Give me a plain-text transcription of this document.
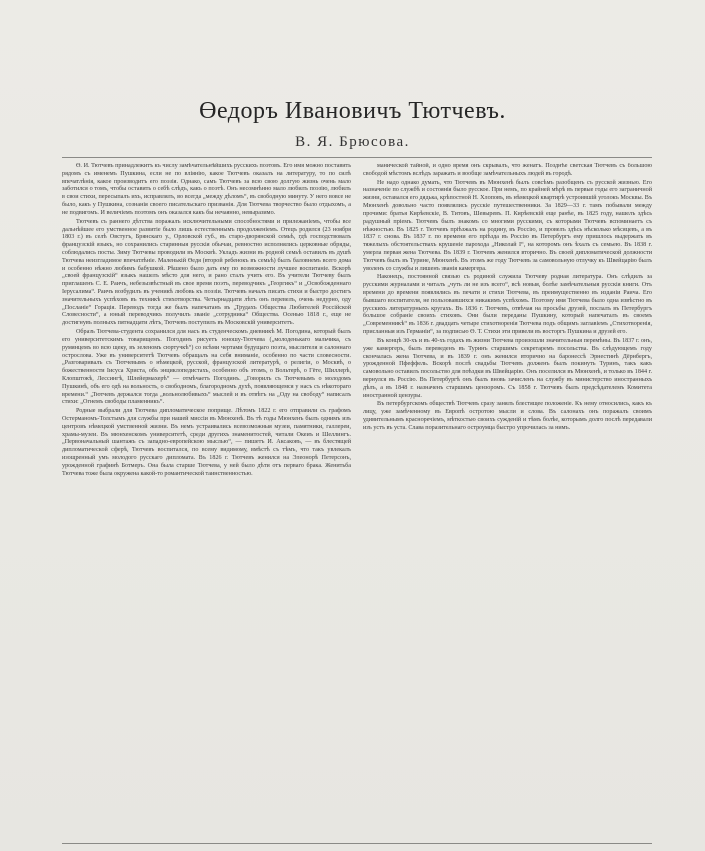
Өедоръ Ивановичъ Тютчевъ.
В. Я. Брюсова.

Ө. И. Тютчевъ принадлежитъ къ числу замѣчательнѣйшихъ русскихъ поэтовъ. Его имя можно поставить рядомъ съ именемъ Пушкина, если не по вліянію, какое Тютчевъ оказалъ на литературу, то по силѣ впечатлѣнія, какое производитъ его поэзія. Однако, самъ Тютчевъ за всю свою долгую жизнь очень мало заботился о томъ, чтобы оставить о себѣ слѣдъ, какъ о поэтѣ. Онъ несомнѣнно мало любилъ поэзію, любилъ в свои стихи, пересыпалъ ихъ, исправлялъ, во всегда „между дѣломъ“, въ свободную минуту. У него вовсе не было, какъ у Пушкина, сознанія своего писательскаго призванія. Для Тютчева творчество было отдыхомъ, а не подвигомъ. И величіемъ поэтомъ онъ оказался какъ бы нечаянно, невыразимо.

Тютчевъ съ раннего дѣтства поражалъ исключительными способностями и прилежаніемъ, чтобы все дальнѣйшее его умственное развитіе было лишь естественнымъ продолженіемъ. Отецъ родился (23 ноября 1803 г.) въ селѣ Овстугъ, Брянскаго у., Орловской губ., въ старо-дворянской семьѣ, гдѣ господствовалъ французскій языкъ, но сохранились старинныя русскія обычаи, ревностно исполнялись церковные обряды, соблюдались посты. Зиму Тютчевы проводили въ Москвѣ. Укладъ жизни въ родной семьѣ оставилъ въ душѣ Тютчева неизгладимое впечатлѣніе. Маленькій Өедя (второй ребенокъ въ семьѣ) былъ баловнемъ всего дома и особенно нѣжно любимъ бабушкой. Рѣшено было дать ему по возможности лучшее воспитаніе. Вскорѣ „своей французскій“ языкъ нашелъ мѣсто для него, и рано сталъ учить его. Въ учители Тютчеву былъ приглашенъ С. Е. Раичъ, небезызвѣстный въ свое время поэтъ, переводчикъ „Георгикъ“ и „Освобожденнаго Іерусалима“. Раичъ возбудилъ въ ученикѣ любовь къ поэзіи. Тютчевъ началъ писать стихи и быстро достигъ значительныхъ успѣховъ въ техникѣ стихотворства. Четырнадцати лѣтъ онъ перевелъ, очень недурно, оду „Посланіе“ Горація. Переводъ тогда же былъ напечатанъ въ „Трудахъ Общества Любителей Россійской Словесности“, а юный переводчикъ получилъ званіе „сотрудника“ Общества. Осенью 1818 г., еще не достигнувъ полныхъ пятнадцати лѣтъ, Тютчевъ поступилъ въ Московскій университетъ.

Образъ Тютчева-студента сохранился для насъ въ студенческомъ дневникѣ М. Погодина, который былъ его университетскимъ товарищемъ. Погодинъ рисуетъ юношу-Тютчева („молоденькаго мальчика, съ румянцемъ во всю щеку, въ зеленомъ сюртучкѣ“) со всѣми чертами будущаго поэта, мыслителя и салоннаго острослова. Уже въ университетѣ Тютчевъ обращалъ на себя вниманіе, особенно по части словесности. „Разговаривалъ съ Тютчевымъ о нѣмецкой, русской, французской литературѣ, о религіи, о Москвѣ, о божественности Іисуса Христа, объ энциклопедистахъ, особенно объ этомъ, о Вольтерѣ, о Гёте, Шиллерѣ, Клопштокѣ, Лессингѣ, Шлейермахерѣ“ — отмѣчаетъ Погодинъ. „Говорилъ съ Тютчевымъ о молодомъ Пушкинѣ, объ его одѣ на вольность, о свободномъ, благородномъ духѣ, появляющемся у насъ съ нѣкотораго времени.“ „Тютчевъ держался тогда „вольнолюбивыхъ“ мыслей и въ отвѣтъ на „Оду на свободу“ написалъ стихи: „Огнемъ свободы пламенникъ“.

Родные выбрали для Тютчева дипломатическое поприще. Лѣтомъ 1822 г. его отправили съ графомъ Остерманомъ-Толстымъ для службы при нашей миссіи въ Мюнхенѣ. Въ тѣ годы Мюнхенъ былъ однимъ изъ центровъ нѣмецкой умственной жизни. Въ немъ устраивались всевозможныя музеи, памятники, галлереи, храмы-музеи. Въ мюнхенскомъ университетѣ, среди другихъ знаменитостей, читали Океиъ и Шеллингъ. „Первоначальный шантажъ съ западно-европейскою мыслью“, — пишетъ И. Аксаковъ, — въ блестящей дипломатической сферѣ, Тютчевъ воспитался, по всему видимому, вмѣстѣ съ тѣмъ, что такъ увлекалъ изощренный умъ молодого русскаго дипломата. Въ 1826 г. Тютчевъ женился на Элеонорѣ Петерсонъ, урожденной графинѣ Ботмеръ. Она была старше Тютчева, у ней было дѣти отъ перваго брака. Женитьба Тютчева тоже была окружена какой-то романтической таинственностью.

манической тайной, и одно время онъ скрывалъ, что женатъ. Позднѣе светская Тютчевъ съ большою свободой мѣстомъ вслѣдъ заражать и вообще замѣчательныхъ людей въ городѣ.

Не надо однако думать, что Тютчевъ въ Мюнхенѣ былъ совсѣмъ разобщенъ съ русской жизнью. Его назначеніе по службѣ и состоянія было русское. При немъ, по крайней мѣрѣ въ первые годы его заграничной жизни, оставался его дядька, крѣпостной Н. Хлоповъ, въ нѣмецкой квартирѣ устроившій уголокъ Москвы. Въ Мюнхенѣ довольно часто появлялись русскіе путешественники. За 1829—33 г. тамъ побывали между прочими: братья Кирѣевскіе, В. Титовъ, Шевыревъ. П. Кирѣевскій еще ранѣе, въ 1825 году, нашелъ здѣсь радушный пріемъ. Тютчевъ былъ знакомъ со многими русскими, съ которыми Тютчевъ вспоминаетъ съ нѣжностью. Въ 1825 г. Тютчевъ пріѣзжалъ на родину, въ Россію, и провелъ здѣсь нѣсколько мѣсяцевъ, а въ 1837 г. снова. Въ 1837 г. по времени его пріѣзда въ Россію въ Петербургъ ему пришлось выдержать въ тяжелыхъ обстоятельствахъ крушеніе парохода „Николай I“, на которомъ онъ ѣхалъ съ семьею. Въ 1838 г. умерла первая жена Тютчева. Въ 1839 г. Тютчевъ женился вторично. Въ своей дипломатической должности Тютчевъ былъ въ Турине, Мюнхенѣ. Въ этомъ же году Тютчевъ за самовольную отлучку къ Швейцарію былъ уволенъ со службы и лишенъ званія камергера.

Наконецъ, постоянной связью съ родиной служила Тютчеву родная литература. Онъ слѣдилъ за русскими журналами и читалъ „чуть ли не изъ всего“, всѣ новыя, болѣе замѣчательныя русскія книги. Отъ времени до времени появлялись въ печати и стихи Тютчева, въ преимущественно въ изданіи Раича. Его бывшаго воспитателя, не пользовавшихся никакимъ успѣхомъ. Поэтому имя Тютчева было одна извѣстно въ русскихъ литературныхъ кругахъ. Въ 1836 г. Тютчевъ, отвѣчая на просьбы друзей, послалъ въ Петербургъ большое собраніе своихъ стиховъ. Они были переданы Пушкину, который напечаталъ въ своемъ „Современникѣ“ въ 1836 г. двадцать четыре стихотворенія Тютчева подъ общимъ заглавіемъ „Стихотворенія, присланныя изъ Германіи“, за подписью Ө. Т. Стихи эти привели въ восторгъ Пушкина и друзей его.

Въ концѣ 30-хъ и въ 40-хъ годахъ въ жизни Тютчева произошли значительныя перемѣны. Въ 1837 г. онъ, уже камергеръ, былъ переведенъ въ Туринъ старшимъ секретаремъ посольства. Въ слѣдующемъ году скончалась жена Тютчева, и въ 1839 г. онъ женился вторично на баронессѣ Эрнестинѣ Дёрнбергъ, урожденной Пфеффель. Вскорѣ послѣ свадьбы Тютчевъ долженъ былъ покинуть Туринъ, такъ какъ самовольно оставилъ посольство для поѣздки въ Швейцарію. Онъ поселился въ Мюнхенѣ, и только въ 1844 г. вернулся въ Россію. Въ Петербургѣ онъ былъ вновь зачисленъ на службу въ министерство иностранныхъ дѣлъ, а въ 1848 г. назначенъ старшимъ цензоромъ. Съ 1858 г. Тютчевъ былъ предсѣдателемъ Комитета иностранной цензуры.

Въ петербургскомъ обществѣ Тютчевъ сразу занялъ блестящее положеніе. Къ нему относились, какъ къ лицу, уже замѣченному въ Европѣ остротою мысли и слова. Въ салонахъ онъ поражалъ своимъ удивительнымъ красноречіемъ, мѣткостью своихъ сужденій и тѣмъ болѣе, которымъ долго послѣ передавали изъ устъ въ уста. Слава поразительнаго остроумца быстро упрочилась за нимъ.
